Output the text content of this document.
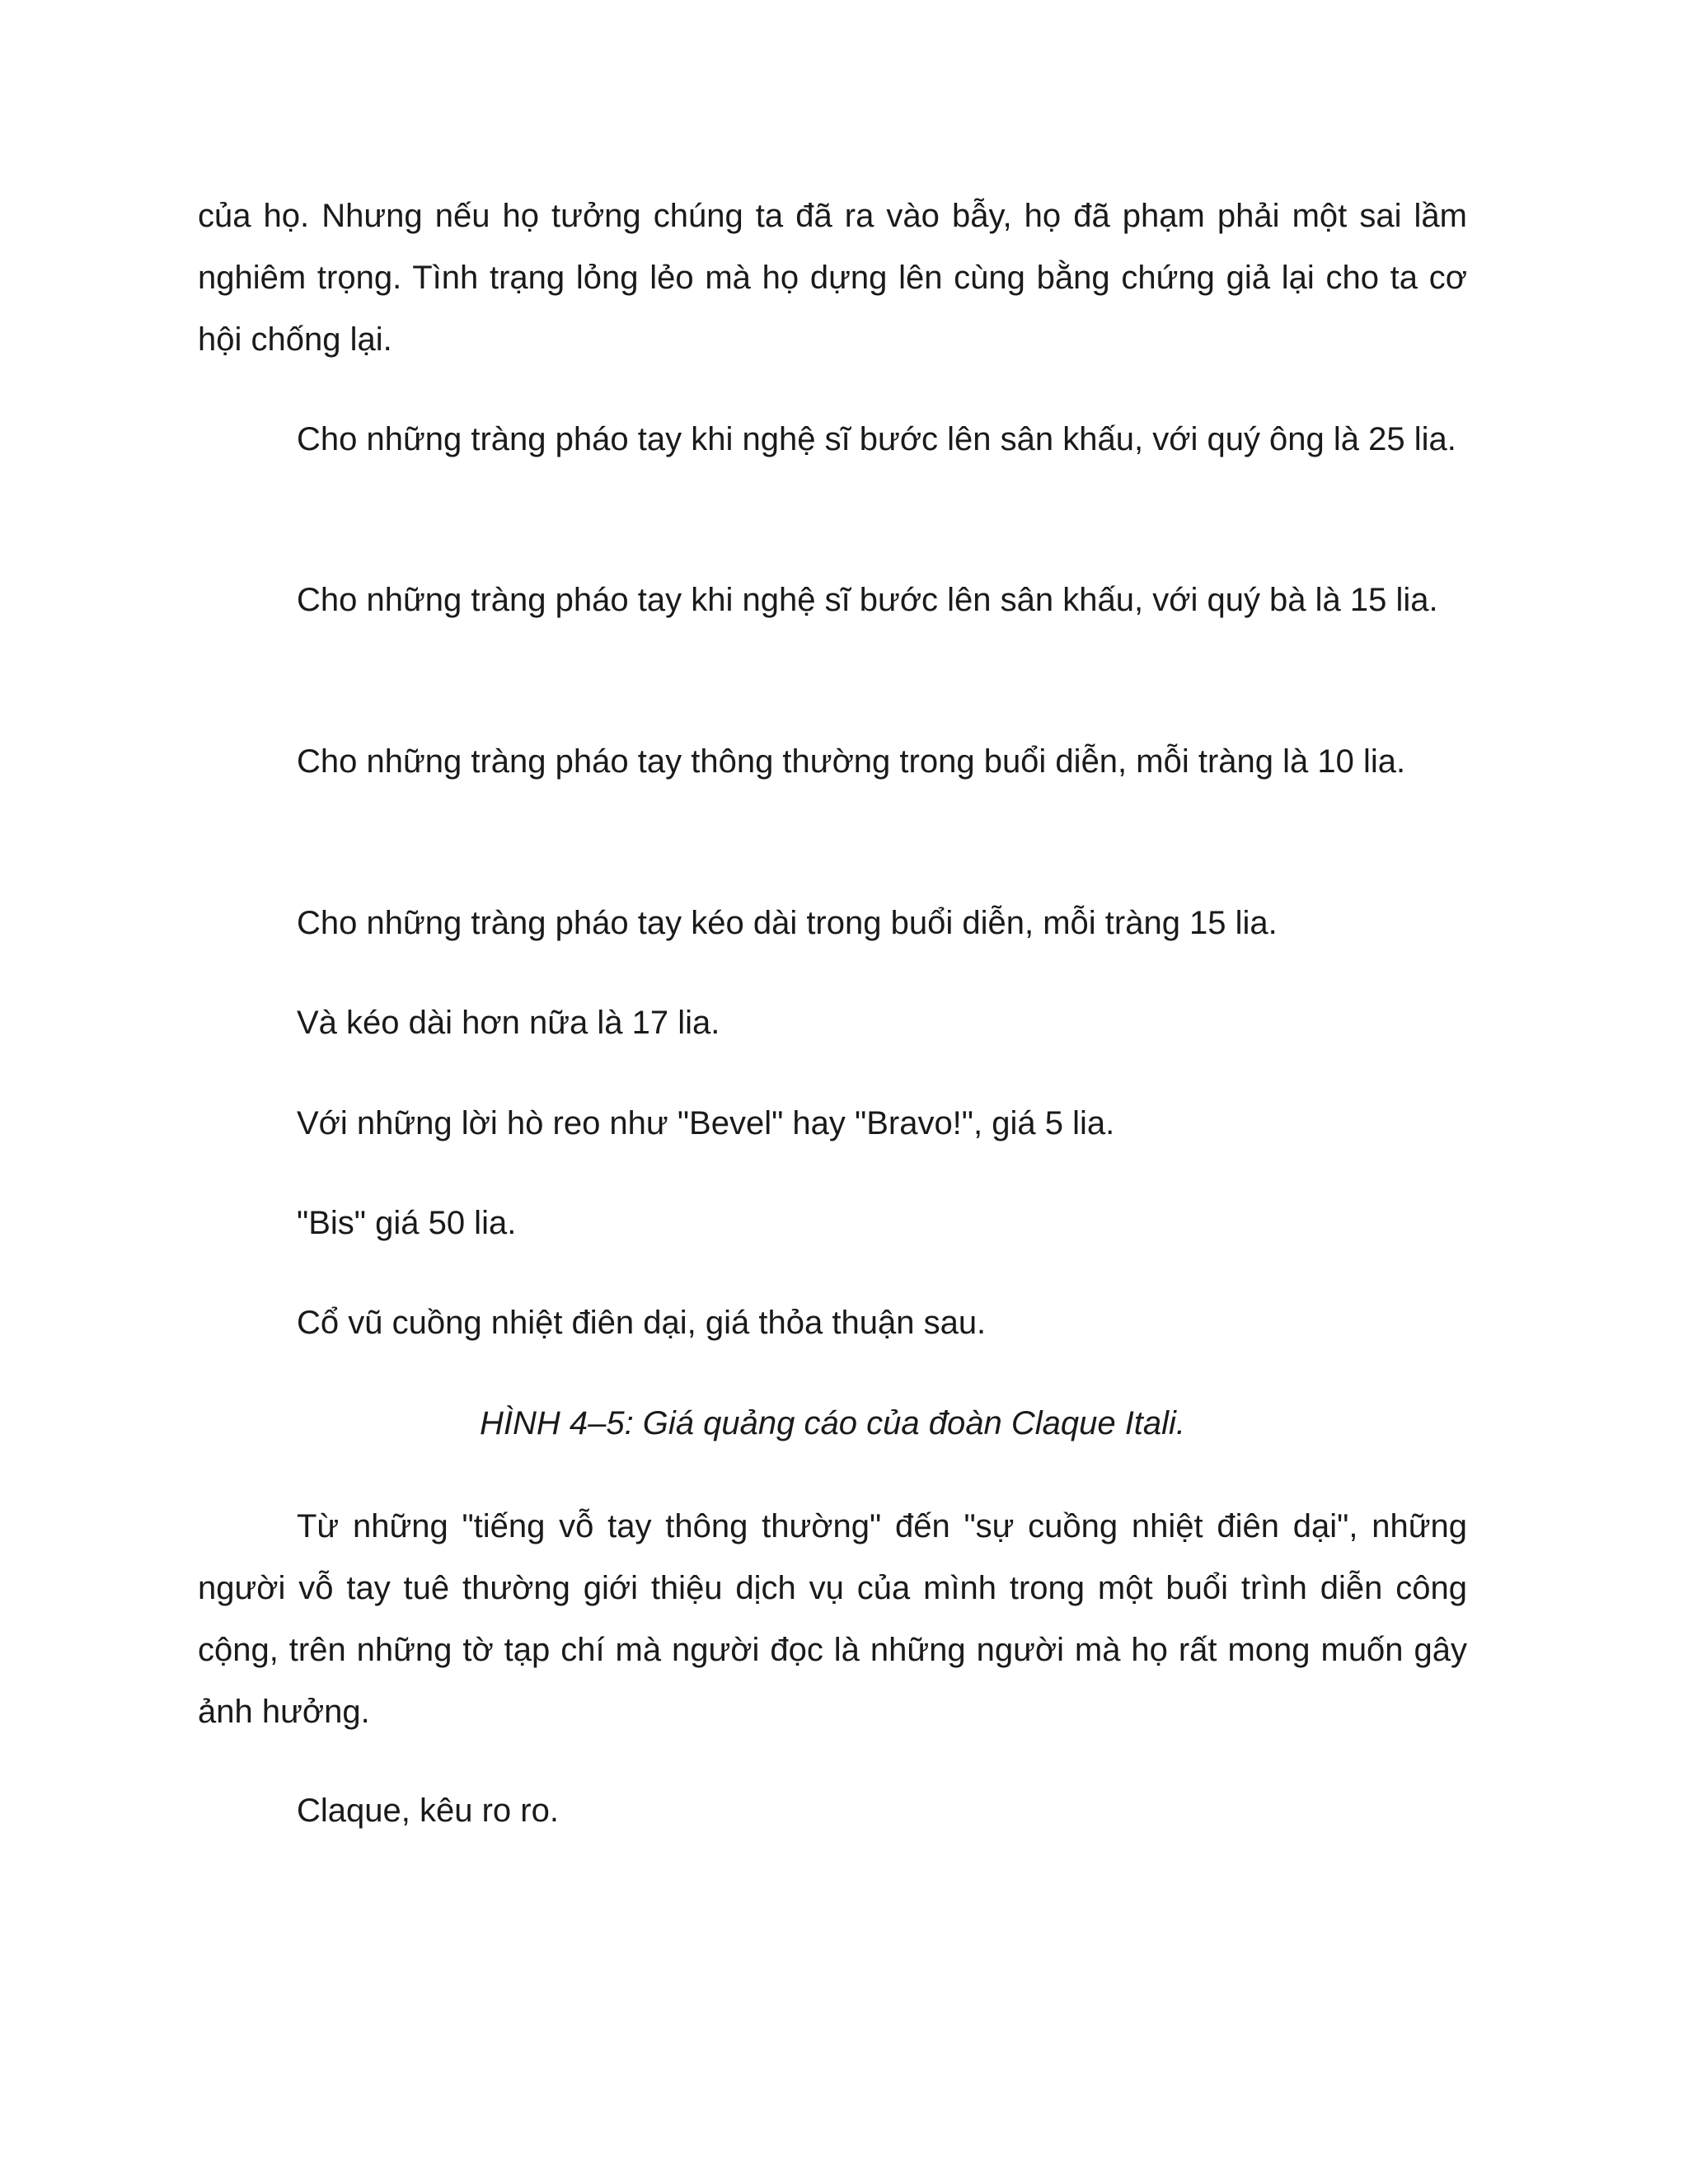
của họ. Nhưng nếu họ tưởng chúng ta đã ra vào bẫy, họ đã phạm phải một sai lầm nghiêm trọng. Tình trạng lỏng lẻo mà họ dựng lên cùng bằng chứng giả lại cho ta cơ hội chống lại.

Cho những tràng pháo tay khi nghệ sĩ bước lên sân khấu, với quý ông là 25 lia.

Cho những tràng pháo tay khi nghệ sĩ bước lên sân khấu, với quý bà là 15 lia.

Cho những tràng pháo tay thông thường trong buổi diễn, mỗi tràng là 10 lia.

Cho những tràng pháo tay kéo dài trong buổi diễn, mỗi tràng 15 lia.

Và kéo dài hơn nữa là 17 lia.

Với những lời hò reo như "Bevel" hay "Bravo!", giá 5 lia.

"Bis" giá 50 lia.

Cổ vũ cuồng nhiệt điên dại, giá thỏa thuận sau.

HÌNH 4–5: Giá quảng cáo của đoàn Claque Itali.

Từ những "tiếng vỗ tay thông thường" đến "sự cuồng nhiệt điên dại", những người vỗ tay tuê thường giới thiệu dịch vụ của mình trong một buổi trình diễn công cộng, trên những tờ tạp chí mà người đọc là những người mà họ rất mong muốn gây ảnh hưởng.

Claque, kêu ro ro.
